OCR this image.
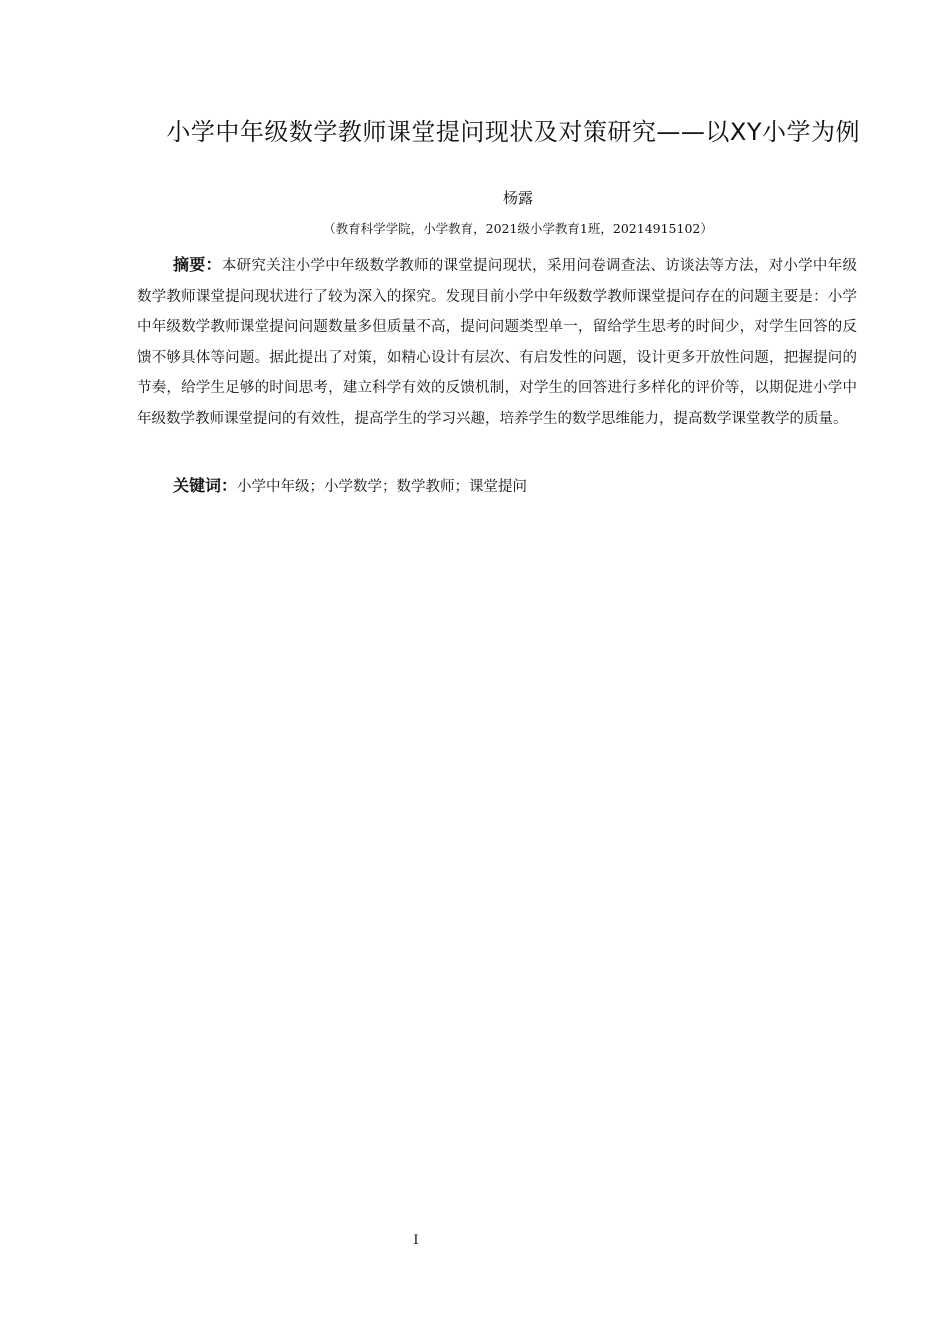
小学中年级数学教师课堂提问现状及对策研究——以XY小学为例
杨露
（教育科学学院，小学教育，2021级小学教育1班，20214915102）
摘要：本研究关注小学中年级数学教师的课堂提问现状，采用问卷调查法、访谈法等方法，对小学中年级数学教师课堂提问现状进行了较为深入的探究。发现目前小学中年级数学教师课堂提问存在的问题主要是：小学中年级数学教师课堂提问问题数量多但质量不高，提问问题类型单一，留给学生思考的时间少，对学生回答的反馈不够具体等问题。据此提出了对策，如精心设计有层次、有启发性的问题，设计更多开放性问题，把握提问的节奏，给学生足够的时间思考，建立科学有效的反馈机制，对学生的回答进行多样化的评价等，以期促进小学中年级数学教师课堂提问的有效性，提高学生的学习兴趣，培养学生的数学思维能力，提高数学课堂教学的质量。
关键词：小学中年级；小学数学；数学教师；课堂提问
I
